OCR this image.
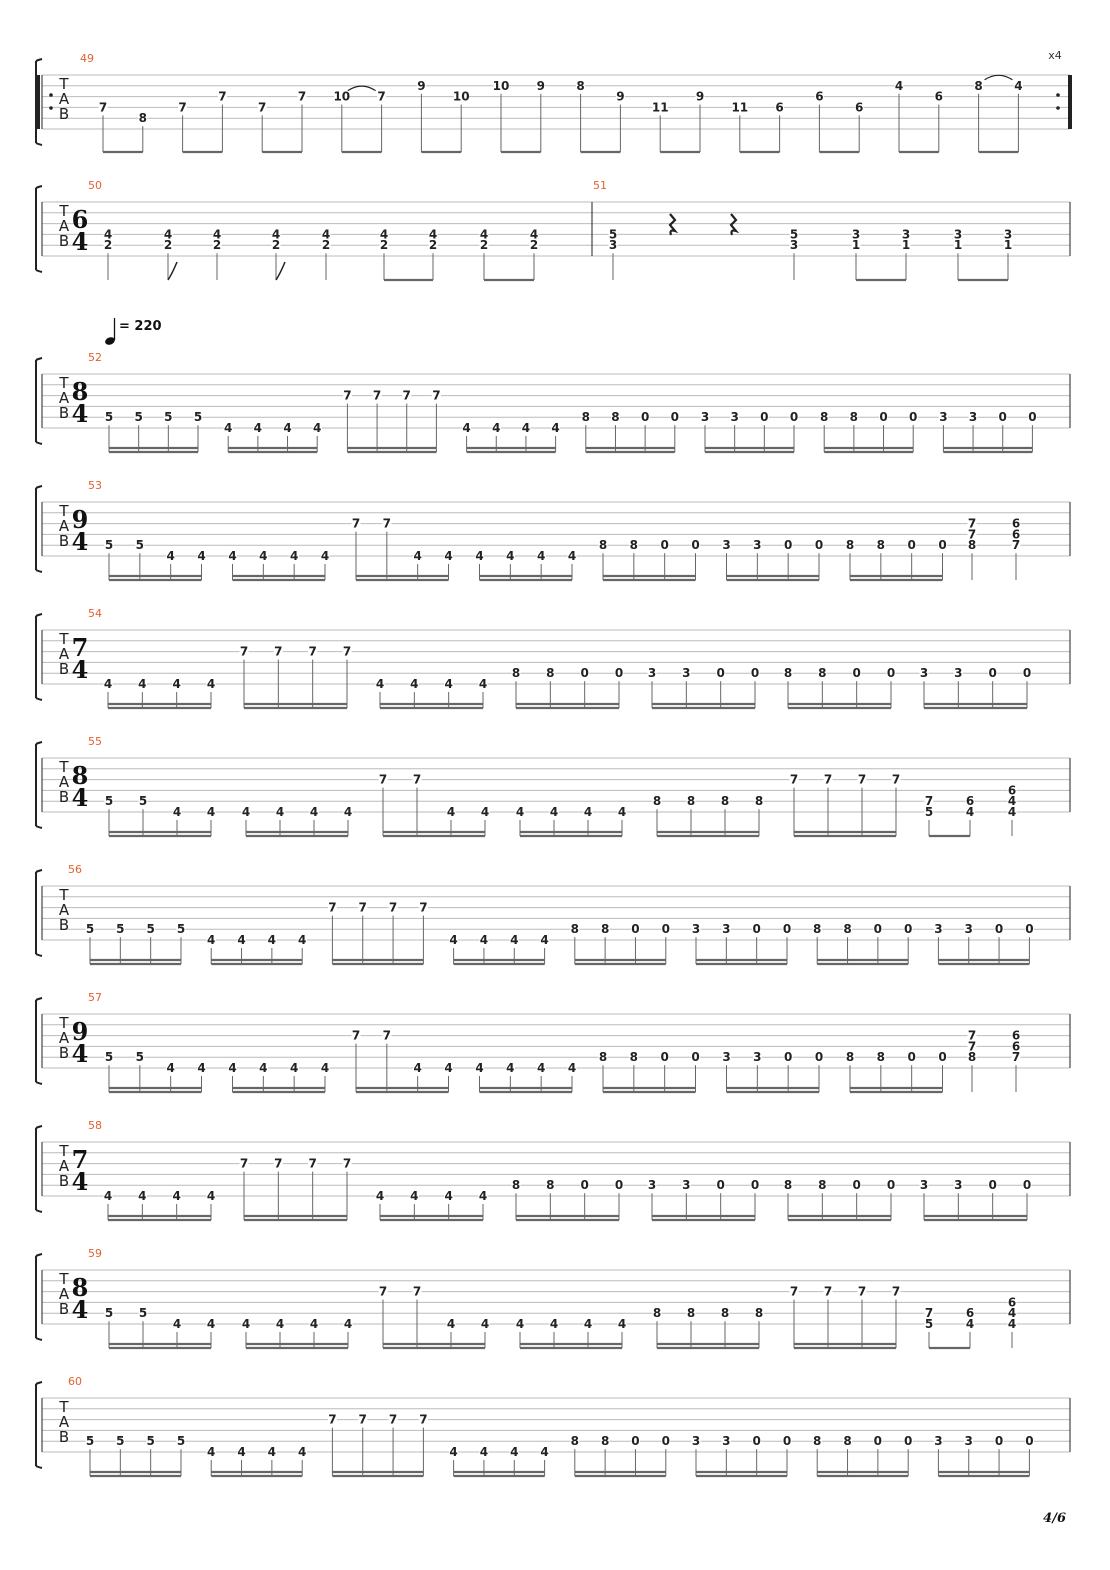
T
A
B
49	x4
7
8
7
7
7
7 10 7
9
10
10 9	8
9
11
9
11 6
6
6
4
6
8	4
T
A
B
50	51
6
4 4
2
4
2
4
2
4
2
4
2
4
2
4
2
4
2
4
2
5
3
5
3
3
1
3
1
3
1
3
1
T
A
B
52
8
4 5 5 5 5
4 4 4 4
7 7 7 7
4 4 4 4
8 8 0 0 3 3 0 0 8 8 0 0 3 3 0 0
= 220
T
A
B
53
9
4 5 5
4 4 4 4 4 4
7 7
4 4 4 4 4 4
8 8 0 0 3 3 0 0 8 8 0 0
7
7
8
6
6
7
T
A
B
57
9
4 5 5
4 4 4 4 4 4
7 7
4 4 4 4 4 4
8 8 0 0 3 3 0 0 8 8 0 0
7
7
8
6
6
7
T
A
B
54
7
4 4 4 4 4
7 7 7 7
4 4 4 4
8 8 0 0 3 3 0 0 8 8 0 0 3 3 0 0
T
A
B
58
7
4 4 4 4 4
7 7 7 7
4 4 4 4
8 8 0 0 3 3 0 0 8 8 0 0 3 3 0 0
T
A
B
55
8
4 5 5
4 4 4 4 4 4
7 7
4 4 4 4 4 4
8 8 8 8
7 7 7 7
7
5
6
4
6
4
4
T
A
B
59
8
4 5 5
4 4 4 4 4 4
7 7
4 4 4 4 4 4
8 8 8 8
7 7 7 7
7
5
6
4
6
4
4
T
A
B
56
5 5 5 5
4 4 4 4
7 7 7 7
4 4 4 4
8 8 0 0 3 3 0 0 8 8 0 0 3 3 0 0
T
A
B
60
5 5 5 5
4 4 4 4
7 7 7 7
4 4 4 4
8 8 0 0 3 3 0 0 8 8 0 0 3 3 0 0
4/6
